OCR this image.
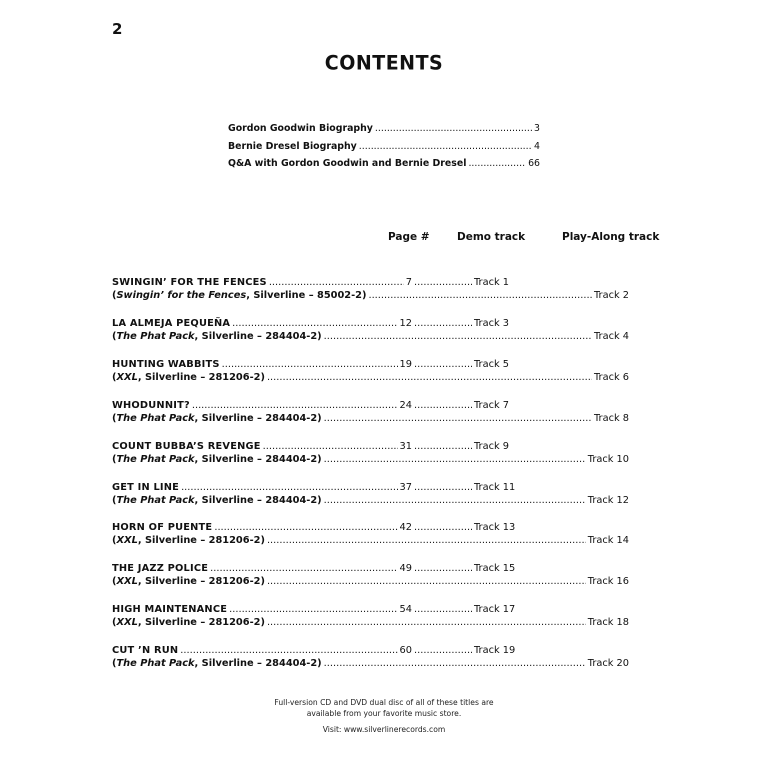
2
CONTENTS
Gordon Goodwin Biography .....	3
Bernie Dresel Biography .....	4
Q&A with Gordon Goodwin and Bernie Dresel .....	66
Page #	Demo track	Play-Along track
SWINGIN’ FOR THE FENCES .....	7 .....	Track 1
( Swingin’ for the Fences , Silverline – 85002-2) .....	Track 2
LA ALMEJA PEQUEÑA .....	12 .....	Track 3
( The Phat Pack , Silverline – 284404-2) .....	Track 4
HUNTING WABBITS .....	19 .....	Track 5
( XXL , Silverline – 281206-2) .....	Track 6
WHODUNNIT? .....	24 .....	Track 7
( The Phat Pack , Silverline – 284404-2) .....	Track 8
COUNT BUBBA’S REVENGE .....	31 .....	Track 9
( The Phat Pack , Silverline – 284404-2) .....	Track 10
GET IN LINE .....	37 .....	Track 11
( The Phat Pack , Silverline – 284404-2) .....	Track 12
HORN OF PUENTE .....	42 .....	Track 13
( XXL , Silverline – 281206-2) .....	Track 14
THE JAZZ POLICE .....	49 .....	Track 15
( XXL , Silverline – 281206-2) .....	Track 16
HIGH MAINTENANCE .....	54 .....	Track 17
( XXL , Silverline – 281206-2) .....	Track 18
CUT ’N RUN .....	60 .....	Track 19
( The Phat Pack , Silverline – 284404-2) .....	Track 20
Full-version CD and DVD dual disc of all of these titles are
available from your favorite music store.
Visit: www.silverlinerecords.com
